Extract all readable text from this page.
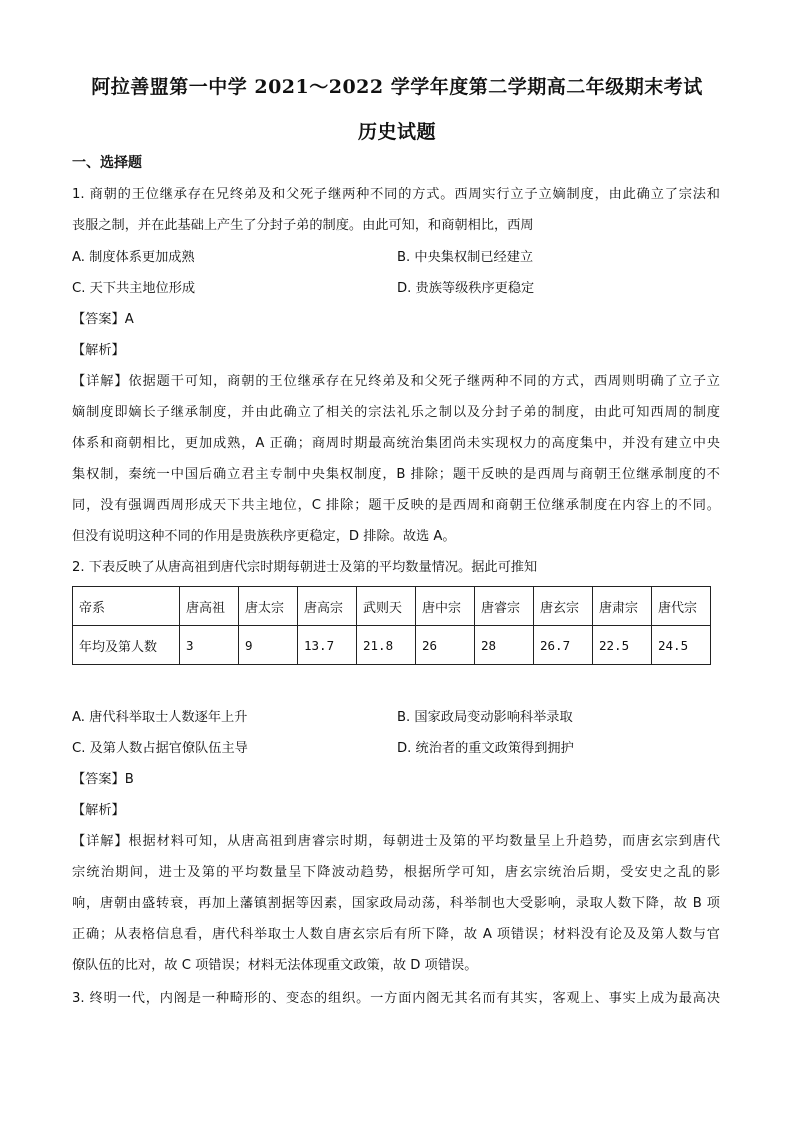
阿拉善盟第一中学 2021～2022 学学年度第二学期高二年级期末考试
历史试题
一、选择题
1. 商朝的王位继承存在兄终弟及和父死子继两种不同的方式。西周实行立子立嫡制度，由此确立了宗法和
丧服之制，并在此基础上产生了分封子弟的制度。由此可知，和商朝相比，西周
A. 制度体系更加成熟	B. 中央集权制已经建立
C. 天下共主地位形成	D. 贵族等级秩序更稳定
【答案】A
【解析】
【详解】依据题干可知，商朝的王位继承存在兄终弟及和父死子继两种不同的方式，西周则明确了立子立
嫡制度即嫡长子继承制度，并由此确立了相关的宗法礼乐之制以及分封子弟的制度，由此可知西周的制度
体系和商朝相比，更加成熟，A 正确；商周时期最高统治集团尚未实现权力的高度集中，并没有建立中央
集权制，秦统一中国后确立君主专制中央集权制度，B 排除；题干反映的是西周与商朝王位继承制度的不
同，没有强调西周形成天下共主地位，C 排除；题干反映的是西周和商朝王位继承制度在内容上的不同。
但没有说明这种不同的作用是贵族秩序更稳定，D 排除。故选 A。
2. 下表反映了从唐高祖到唐代宗时期每朝进士及第的平均数量情况。据此可推知
帝系	唐高祖	唐太宗	唐高宗	武则天	唐中宗	唐睿宗	唐玄宗	唐肃宗	唐代宗
年均及第人数	3	9	13.7	21.8	26	28	26.7	22.5	24.5
A. 唐代科举取士人数逐年上升	B. 国家政局变动影响科举录取
C. 及第人数占据官僚队伍主导	D. 统治者的重文政策得到拥护
【答案】B
【解析】
【详解】根据材料可知，从唐高祖到唐睿宗时期，每朝进士及第的平均数量呈上升趋势，而唐玄宗到唐代
宗统治期间，进士及第的平均数量呈下降波动趋势，根据所学可知，唐玄宗统治后期，受安史之乱的影
响，唐朝由盛转衰，再加上藩镇割据等因素，国家政局动荡，科举制也大受影响，录取人数下降，故 B 项
正确；从表格信息看，唐代科举取士人数自唐玄宗后有所下降，故 A 项错误；材料没有论及及第人数与官
僚队伍的比对，故 C 项错误；材料无法体现重文政策，故 D 项错误。
3. 终明一代，内阁是一种畸形的、变态的组织。一方面内阁无其名而有其实，客观上、事实上成为最高决
